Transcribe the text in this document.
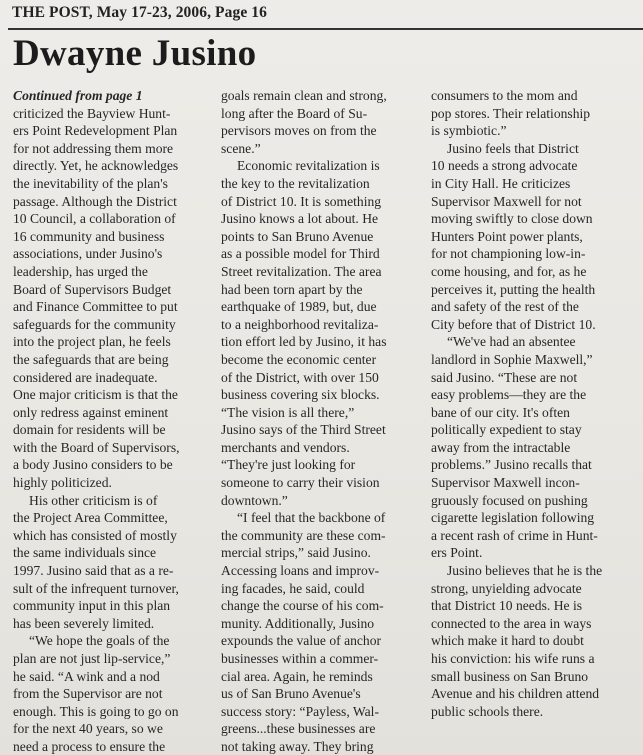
THE POST, May 17-23, 2006, Page 16
Dwayne Jusino
Continued from page 1
criticized the Bayview Hunt-
ers Point Redevelopment Plan
for not addressing them more
directly. Yet, he acknowledges
the inevitability of the plan's
passage. Although the District
10 Council, a collaboration of
16 community and business
associations, under Jusino's
leadership, has urged the
Board of Supervisors Budget
and Finance Committee to put
safeguards for the community
into the project plan, he feels
the safeguards that are being
considered are inadequate.
One major criticism is that the
only redress against eminent
domain for residents will be
with the Board of Supervisors,
a body Jusino considers to be
highly politicized.
His other criticism is of
the Project Area Committee,
which has consisted of mostly
the same individuals since
1997. Jusino said that as a re-
sult of the infrequent turnover,
community input in this plan
has been severely limited.
“We hope the goals of the
plan are not just lip-service,”
he said. “A wink and a nod
from the Supervisor are not
enough. This is going to go on
for the next 40 years, so we
need a process to ensure the
goals remain clean and strong,
long after the Board of Su-
pervisors moves on from the
scene.”
Economic revitalization is
the key to the revitalization
of District 10. It is something
Jusino knows a lot about. He
points to San Bruno Avenue
as a possible model for Third
Street revitalization. The area
had been torn apart by the
earthquake of 1989, but, due
to a neighborhood revitaliza-
tion effort led by Jusino, it has
become the economic center
of the District, with over 150
business covering six blocks.
“The vision is all there,”
Jusino says of the Third Street
merchants and vendors.
“They're just looking for
someone to carry their vision
downtown.”
“I feel that the backbone of
the community are these com-
mercial strips,” said Jusino.
Accessing loans and improv-
ing facades, he said, could
change the course of his com-
munity. Additionally, Jusino
expounds the value of anchor
businesses within a commer-
cial area. Again, he reminds
us of San Bruno Avenue's
success story: “Payless, Wal-
greens...these businesses are
not taking away. They bring
consumers to the mom and
pop stores. Their relationship
is symbiotic.”
Jusino feels that District
10 needs a strong advocate
in City Hall. He criticizes
Supervisor Maxwell for not
moving swiftly to close down
Hunters Point power plants,
for not championing low-in-
come housing, and for, as he
perceives it, putting the health
and safety of the rest of the
City before that of District 10.
“We've had an absentee
landlord in Sophie Maxwell,”
said Jusino. “These are not
easy problems—they are the
bane of our city. It's often
politically expedient to stay
away from the intractable
problems.” Jusino recalls that
Supervisor Maxwell incon-
gruously focused on pushing
cigarette legislation following
a recent rash of crime in Hunt-
ers Point.
Jusino believes that he is the
strong, unyielding advocate
that District 10 needs. He is
connected to the area in ways
which make it hard to doubt
his conviction: his wife runs a
small business on San Bruno
Avenue and his children attend
public schools there.
